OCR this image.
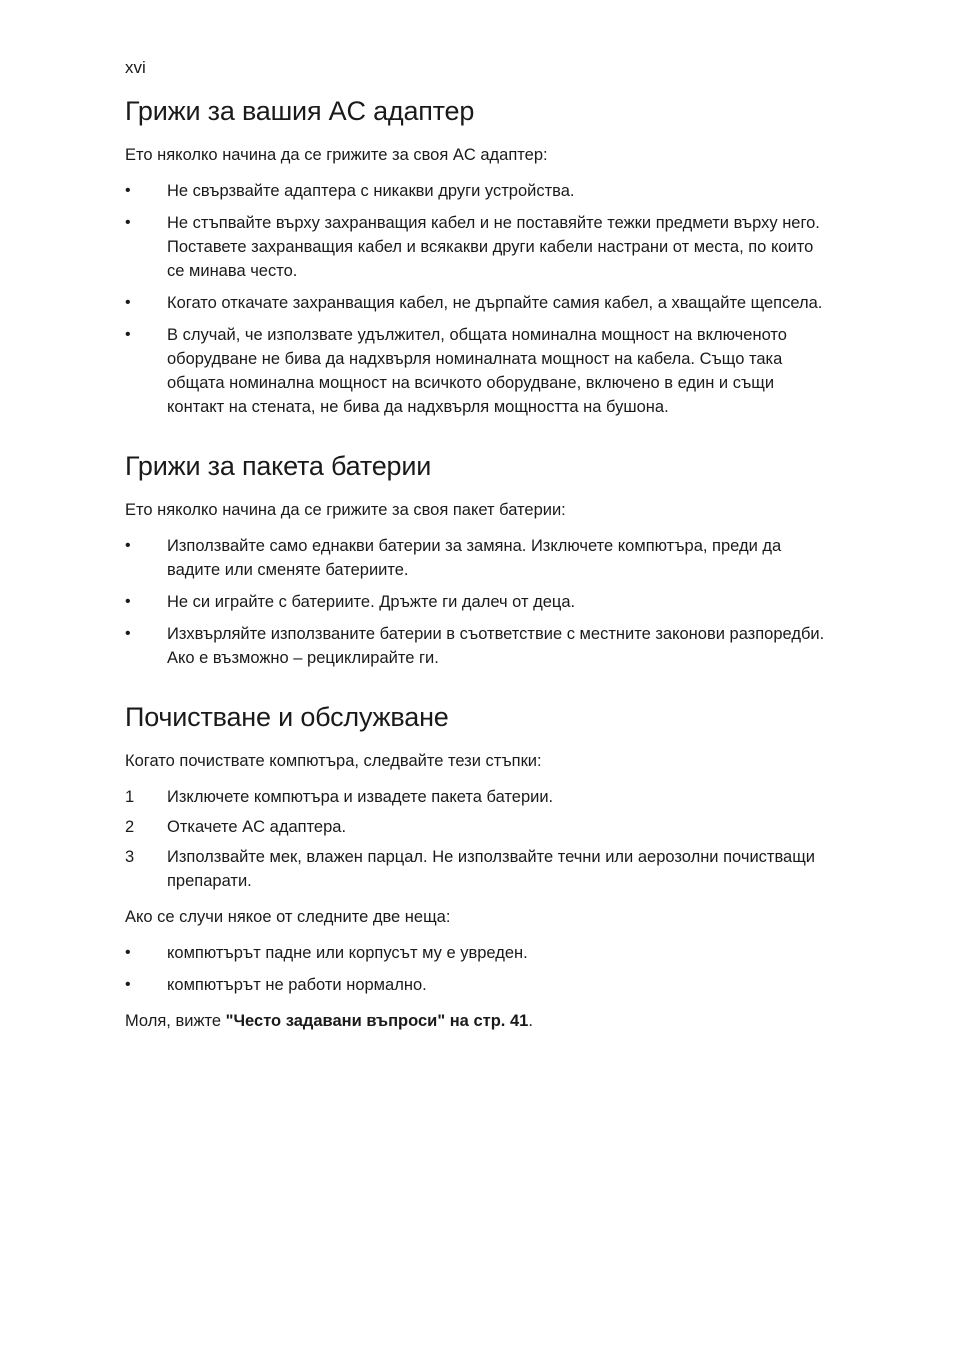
xvi
Грижи за вашия AC адаптер

Ето няколко начина да се грижите за своя AC адаптер:

•	Не свързвайте адаптера с никакви други устройства.
•	Не стъпвайте върху захранващия кабел и не поставяйте тежки предмети върху него. Поставете захранващия кабел и всякакви други кабели настрани от места, по които се минава често.
•	Когато откачате захранващия кабел, не дърпайте самия кабел, а хващайте щепсела.
•	В случай, че използвате удължител, общата номинална мощност на включеното оборудване не бива да надхвърля номиналната мощност на кабела. Също така общата номинална мощност на всичкото оборудване, включено в един и същи контакт на стената, не бива да надхвърля мощността на бушона.
Грижи за пакета батерии

Ето няколко начина да се грижите за своя пакет батерии:

•	Използвайте само еднакви батерии за замяна. Изключете компютъра, преди да вадите или сменяте батериите.
•	Не си играйте с батериите. Дръжте ги далеч от деца.
•	Изхвърляйте използваните батерии в съответствие с местните законови разпоредби. Ако е възможно – рециклирайте ги.
Почистване и обслужване

Когато почиствате компютъра, следвайте тези стъпки:

1	Изключете компютъра и извадете пакета батерии.
2	Откачете AC адаптера.
3	Използвайте мек, влажен парцал. Не използвайте течни или аерозолни почистващи препарати.

Ако се случи някое от следните две неща:

•	компютърът падне или корпусът му е увреден.
•	компютърът не работи нормално.

Моля, вижте "Често задавани въпроси" на стр. 41.
